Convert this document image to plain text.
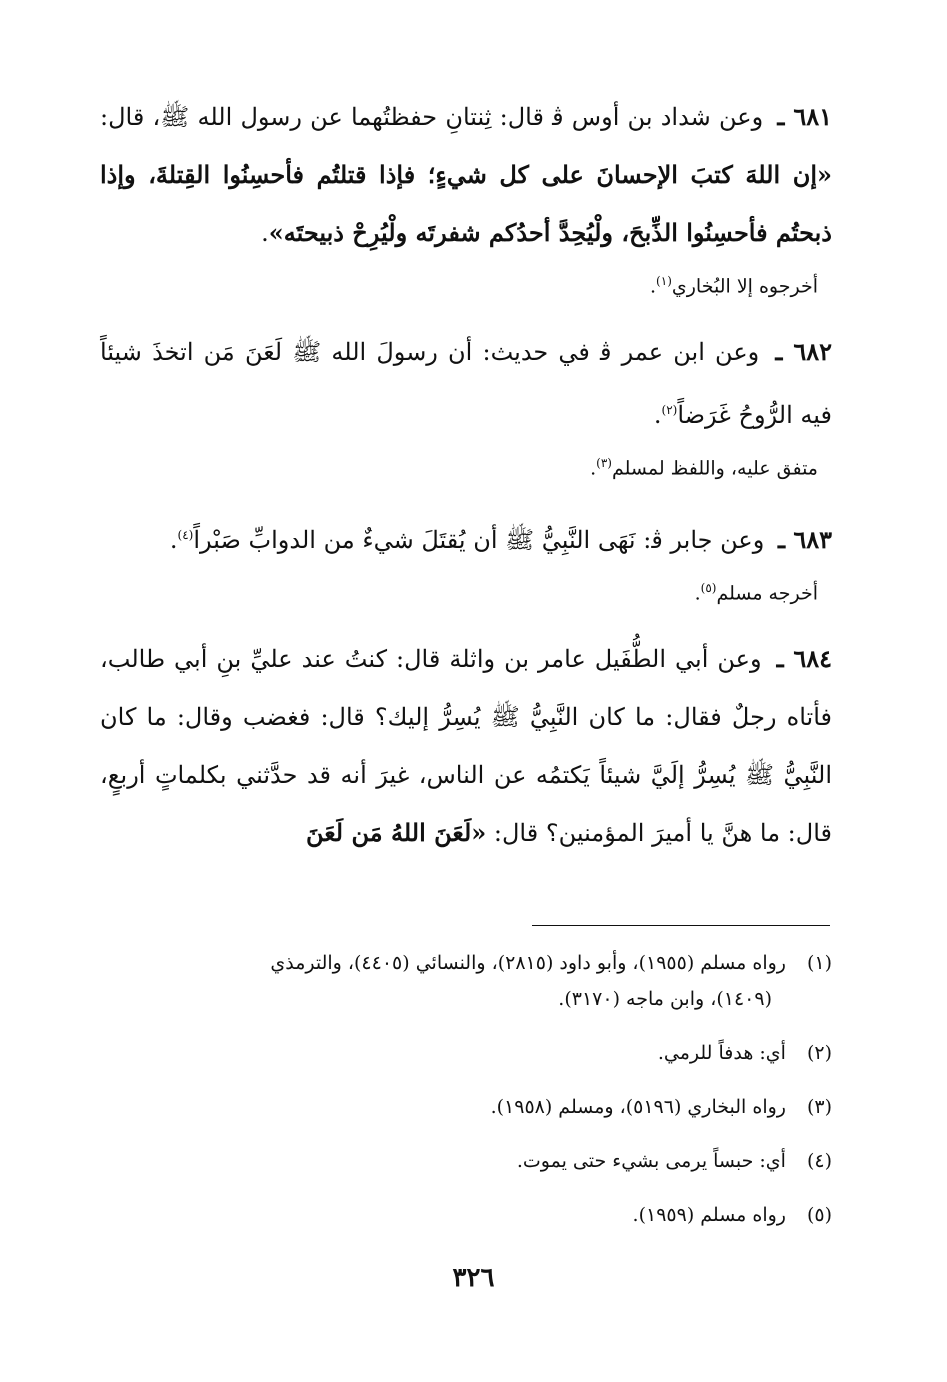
٦٨١ ـ وعن شداد بن أوس ﭬ قال: ثِنتانِ حفظتُهما عن رسول الله ﷺ، قال: «إن اللهَ كتبَ الإحسانَ على كل شيءٍ؛ فإذا قتلتُم فأحسِنُوا القِتلةَ، وإذا ذبحتُم فأحسِنُوا الذِّبحَ، ولْيُحِدَّ أحدُكم شفرتَه ولْيُرِحْ ذبيحتَه».
أخرجوه إلا البُخاري$^{(١)}$.
٦٨٢ ـ وعن ابن عمر ﭬ في حديث: أن رسولَ الله ﷺ لَعَنَ مَن اتخذَ شيئاً فيه الرُّوحُ غَرَضاً$^{(٢)}$.
متفق عليه، واللفظ لمسلم$^{(٣)}$.
٦٨٣ ـ وعن جابر ﭬ: نَهَى النَّبِيُّ ﷺ أن يُقتَلَ شيءٌ من الدوابِّ صَبْراً$^{(٤)}$.
أخرجه مسلم$^{(٥)}$.
٦٨٤ ـ وعن أبي الطُّفَيل عامر بن واثلة قال: كنتُ عند عليِّ بنِ أبي طالب، فأتاه رجلٌ فقال: ما كان النَّبِيُّ ﷺ يُسِرُّ إليك؟ قال: فغضب وقال: ما كان النَّبِيُّ ﷺ يُسِرُّ إلَيَّ شيئاً يَكتمُه عن الناس، غيرَ أنه قد حدَّثني بكلماتٍ أربعٍ، قال: ما هنَّ يا أميرَ المؤمنين؟ قال: «لَعَنَ اللهُ مَن لَعَنَ
(١) رواه مسلم (١٩٥٥)، وأبو داود (٢٨١٥)، والنسائي (٤٤٠٥)، والترمذي
(١٤٠٩)، وابن ماجه (٣١٧٠).
(٢) أي: هدفاً للرمي.
(٣) رواه البخاري (٥١٩٦)، ومسلم (١٩٥٨).
(٤) أي: حبساً يرمى بشيء حتى يموت.
(٥) رواه مسلم (١٩٥٩).
٣٢٦
